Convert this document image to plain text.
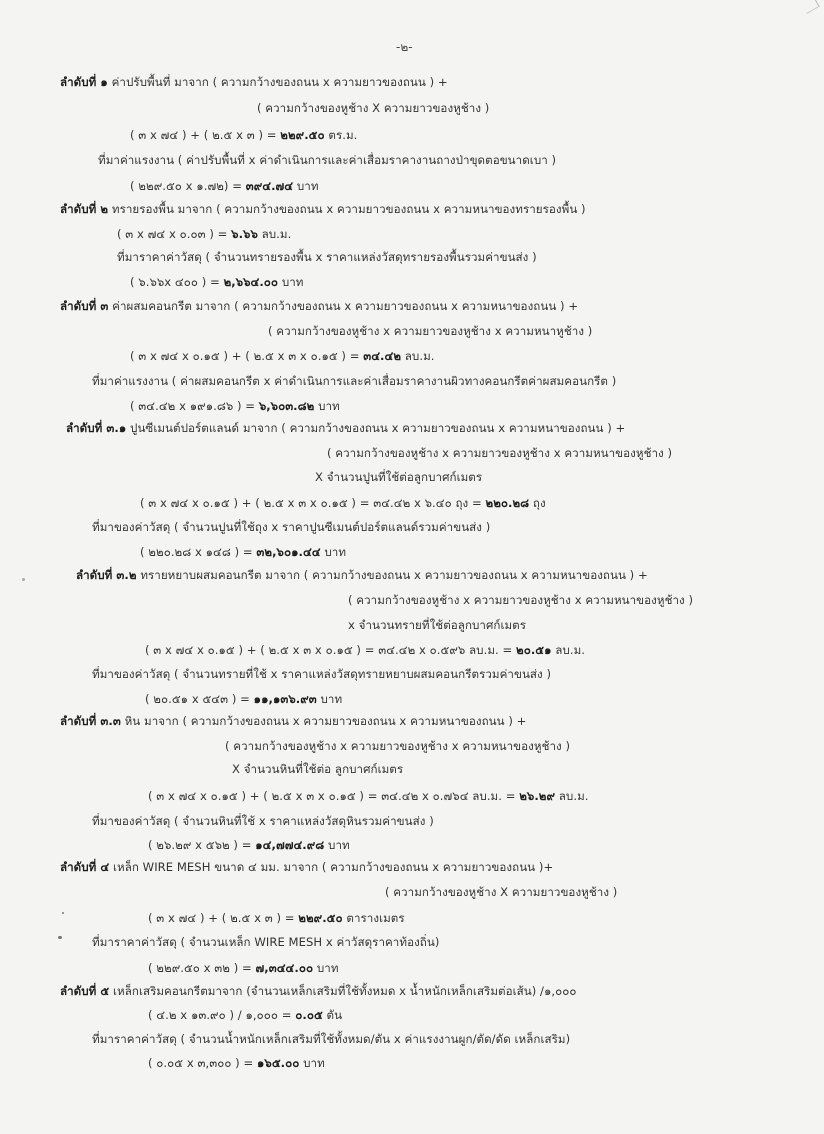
-๒-
ลำดับที่ ๑ ค่าปรับพื้นที่ มาจาก ( ความกว้างของถนน x ความยาวของถนน ) +
( ความกว้างของหูช้าง X ความยาวของหูช้าง )
( ๓ x ๗๔ ) + ( ๒.๕ x ๓ ) = ๒๒๙.๕๐ ตร.ม.
ที่มาค่าแรงงาน ( ค่าปรับพื้นที่ x ค่าดำเนินการและค่าเสื่อมราคางานถางป่าขุดตอขนาดเบา )
( ๒๒๙.๕๐ x ๑.๗๒) = ๓๙๔.๗๔ บาท
ลำดับที่ ๒ ทรายรองพื้น มาจาก ( ความกว้างของถนน x ความยาวของถนน x ความหนาของทรายรองพื้น )
( ๓ x ๗๔ x ๐.๐๓ ) = ๖.๖๖ ลบ.ม.
ที่มาราคาค่าวัสดุ ( จำนวนทรายรองพื้น x ราคาแหล่งวัสดุทรายรองพื้นรวมค่าขนส่ง )
( ๖.๖๖x ๔๐๐ ) = ๒,๖๖๔.๐๐ บาท
ลำดับที่ ๓ ค่าผสมคอนกรีต มาจาก ( ความกว้างของถนน x ความยาวของถนน x ความหนาของถนน ) +
( ความกว้างของหูช้าง x ความยาวของหูช้าง x ความหนาหูช้าง )
( ๓ x ๗๔ x ๐.๑๕ ) + ( ๒.๕ x ๓ x ๐.๑๕ ) = ๓๔.๔๒ ลบ.ม.
ที่มาค่าแรงงาน ( ค่าผสมคอนกรีต x ค่าดำเนินการและค่าเสื่อมราคางานผิวทางคอนกรีตค่าผสมคอนกรีต )
( ๓๔.๔๒ x ๑๙๑.๘๖ ) = ๖,๖๐๓.๘๒ บาท
ลำดับที่ ๓.๑ ปูนซีเมนต์ปอร์ตแลนด์ มาจาก ( ความกว้างของถนน x ความยาวของถนน x ความหนาของถนน ) +
( ความกว้างของหูช้าง x ความยาวของหูช้าง x ความหนาของหูช้าง )
X จำนวนปูนที่ใช้ต่อลูกบาศก์เมตร
( ๓ x ๗๔ x ๐.๑๕ ) + ( ๒.๕ x ๓ x ๐.๑๕ ) = ๓๔.๔๒ x ๖.๔๐ ถุง = ๒๒๐.๒๘ ถุง
ที่มาของค่าวัสดุ ( จำนวนปูนที่ใช้ถุง x ราคาปูนซีเมนต์ปอร์ตแลนด์รวมค่าขนส่ง )
( ๒๒๐.๒๘ x ๑๔๘ ) = ๓๒,๖๐๑.๔๔ บาท
ลำดับที่ ๓.๒ ทรายหยาบผสมคอนกรีต มาจาก ( ความกว้างของถนน x ความยาวของถนน x ความหนาของถนน ) +
( ความกว้างของหูช้าง x ความยาวของหูช้าง x ความหนาของหูช้าง )
x จำนวนทรายที่ใช้ต่อลูกบาศก์เมตร
( ๓ x ๗๔ x ๐.๑๕ ) + ( ๒.๕ x ๓ x ๐.๑๕ ) = ๓๔.๔๒ x ๐.๕๙๖ ลบ.ม. = ๒๐.๕๑ ลบ.ม.
ที่มาของค่าวัสดุ ( จำนวนทรายที่ใช้ x ราคาแหล่งวัสดุทรายหยาบผสมคอนกรีตรวมค่าขนส่ง )
( ๒๐.๕๑ x ๕๔๓ ) = ๑๑,๑๓๖.๙๓ บาท
ลำดับที่ ๓.๓ หิน มาจาก ( ความกว้างของถนน x ความยาวของถนน x ความหนาของถนน ) +
( ความกว้างของหูช้าง x ความยาวของหูช้าง x ความหนาของหูช้าง )
X จำนวนหินที่ใช้ต่อ ลูกบาศก์เมตร
( ๓ x ๗๔ x ๐.๑๕ ) + ( ๒.๕ x ๓ x ๐.๑๕ ) = ๓๔.๔๒ x ๐.๗๖๔ ลบ.ม. = ๒๖.๒๙ ลบ.ม.
ที่มาของค่าวัสดุ ( จำนวนหินที่ใช้ x ราคาแหล่งวัสดุหินรวมค่าขนส่ง )
( ๒๖.๒๙ x ๕๖๒ ) = ๑๔,๗๗๔.๙๘ บาท
ลำดับที่ ๔ เหล็ก WIRE MESH ขนาด ๔ มม. มาจาก ( ความกว้างของถนน x ความยาวของถนน )+
( ความกว้างของหูช้าง X ความยาวของหูช้าง )
( ๓ x ๗๔ ) + ( ๒.๕ x ๓ ) = ๒๒๙.๕๐ ตารางเมตร
ที่มาราคาค่าวัสดุ ( จำนวนเหล็ก WIRE MESH x ค่าวัสดุราคาท้องถิ่น)
( ๒๒๙.๕๐ x ๓๒ ) = ๗,๓๔๔.๐๐ บาท
ลำดับที่ ๕ เหล็กเสริมคอนกรีตมาจาก (จำนวนเหล็กเสริมที่ใช้ทั้งหมด x น้ำหนักเหล็กเสริมต่อเส้น) /๑,๐๐๐
( ๔.๒ x ๑๓.๙๐ ) / ๑,๐๐๐ = ๐.๐๕ ตัน
ที่มาราคาค่าวัสดุ ( จำนวนน้ำหนักเหล็กเสริมที่ใช้ทั้งหมด/ตัน x ค่าแรงงานผูก/ตัด/ดัด เหล็กเสริม)
( ๐.๐๕ x ๓,๓๐๐ ) = ๑๖๕.๐๐ บาท
